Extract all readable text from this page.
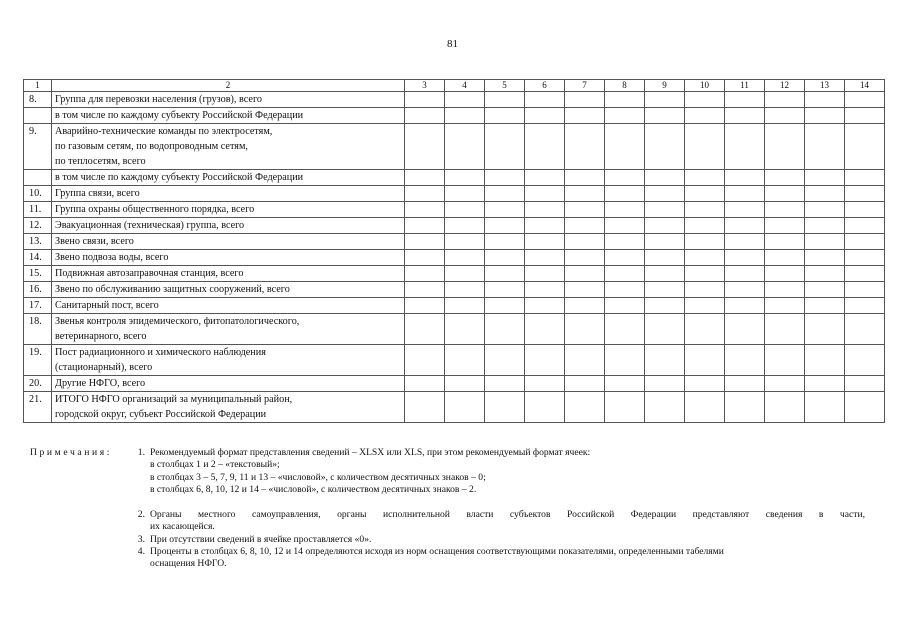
81
1	2	3	4	5	6	7	8	9	10	11	12	13	14
8.	Группа для перевозки населения (грузов), всего												

	в том числе по каждому субъекту Российской Федерации												

9.	Аварийно-технические команды по электросетям,
по газовым сетям, по водопроводным сетям,
по теплосетям, всего												

	в том числе по каждому субъекту Российской Федерации												

10.	Группа связи, всего												

11.	Группа охраны общественного порядка, всего												

12.	Эвакуационная (техническая) группа, всего												

13.	Звено связи, всего												

14.	Звено подвоза воды, всего												

15.	Подвижная автозаправочная станция, всего												

16.	Звено по обслуживанию защитных сооружений, всего												

17.	Санитарный пост, всего												

18.	Звенья контроля эпидемического, фитопатологического,
ветеринарного, всего												

19.	Пост радиационного и химического наблюдения
(стационарный), всего												

20.	Другие НФГО, всего												

21.	ИТОГО НФГО организаций за муниципальный район,
городской округ, субъект Российской Федерации												

Примечания:	1. Рекомендуемый формат представления сведений – XLSX или XLS, при этом рекомендуемый формат ячеек:
в столбцах 1 и 2 – «текстовый»;
в столбцах 3 – 5, 7, 9, 11 и 13 – «числовой», с количеством десятичных знаков – 0;
в столбцах 6, 8, 10, 12 и 14 – «числовой», с количеством десятичных знаков – 2.
2. Органы местного самоуправления, органы исполнительной власти субъектов Российской Федерации представляют сведения в части,
их касающейся.
3. При отсутствии сведений в ячейке проставляется «0».
4. Проценты в столбцах 6, 8, 10, 12 и 14 определяются исходя из норм оснащения соответствующими показателями, определенными табелями
оснащения НФГО.
